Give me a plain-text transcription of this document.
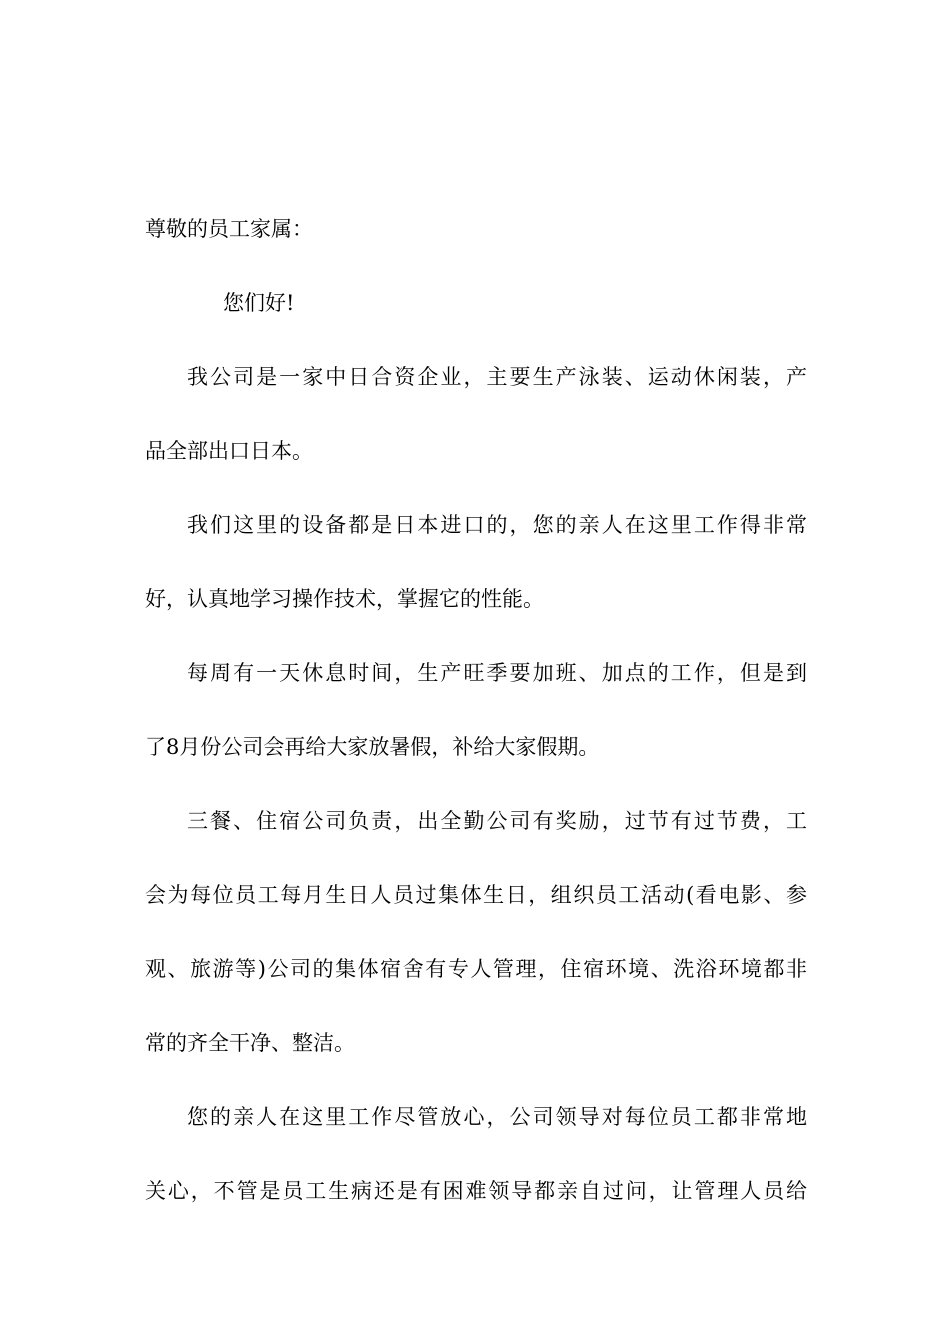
尊敬的员工家属：
您们好!
我公司是一家中日合资企业，主要生产泳装、运动休闲装，产
品全部出口日本。
我们这里的设备都是日本进口的，您的亲人在这里工作得非常
好，认真地学习操作技术，掌握它的性能。
每周有一天休息时间，生产旺季要加班、加点的工作，但是到
了8月份公司会再给大家放暑假，补给大家假期。
三餐、住宿公司负责，出全勤公司有奖励，过节有过节费，工
会为每位员工每月生日人员过集体生日，组织员工活动(看电影、参
观、旅游等)公司的集体宿舍有专人管理，住宿环境、洗浴环境都非
常的齐全干净、整洁。
您的亲人在这里工作尽管放心，公司领导对每位员工都非常地
关心，不管是员工生病还是有困难领导都亲自过问，让管理人员给
